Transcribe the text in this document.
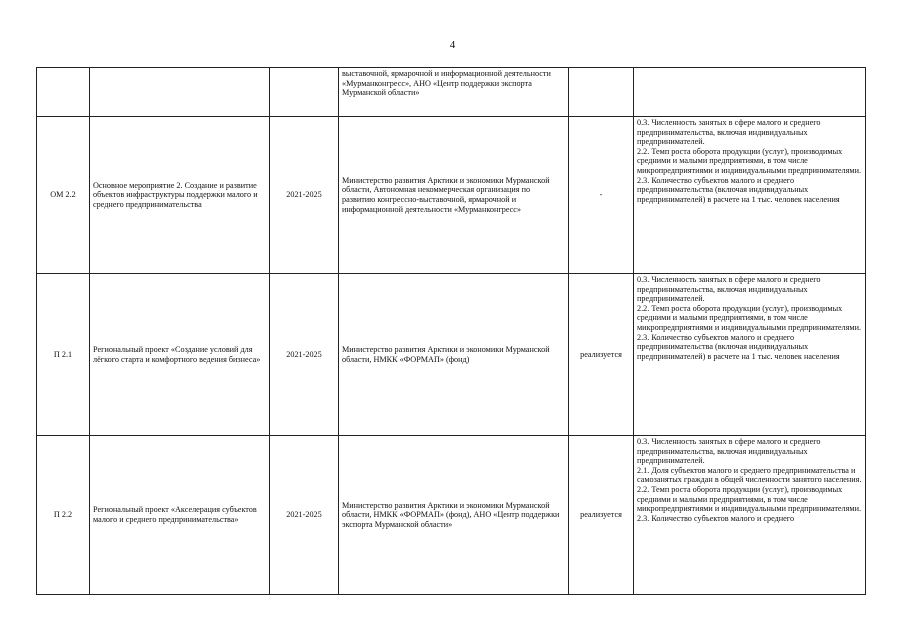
4
			выставочной, ярмарочной и информационной деятельности «Мурманконгресс», АНО «Центр поддержки экспорта Мурманской области»		
ОМ 2.2	Основное мероприятие 2. Создание и развитие объектов инфраструктуры поддержки малого и среднего предпринимательства	2021-2025	Министерство развития Арктики и экономики Мурманской области, Автономная некоммерческая организация по развитию конгрессно-выставочной, ярмарочной и информационной деятельности «Мурманконгресс»	-	0.3. Численность занятых в сфере малого и среднего предпринимательства, включая индивидуальных предпринимателей.
2.2. Темп роста оборота продукции (услуг), производимых средними и малыми предприятиями, в том числе микропредприятиями и индивидуальными предпринимателями.
2.3. Количество субъектов малого и среднего предпринимательства (включая индивидуальных предпринимателей) в расчете на 1 тыс. человек населения

П 2.1	Региональный проект «Создание условий для лёгкого старта и комфортного ведения бизнеса»	2021-2025	Министерство развития Арктики и экономики Мурманской области, НМКК «ФОРМАП» (фонд)	реализуется	0.3. Численность занятых в сфере малого и среднего предпринимательства, включая индивидуальных предпринимателей.
2.2. Темп роста оборота продукции (услуг), производимых средними и малыми предприятиями, в том числе микропредприятиями и индивидуальными предпринимателями.
2.3. Количество субъектов малого и среднего предпринимательства (включая индивидуальных предпринимателей) в расчете на 1 тыс. человек населения

П 2.2	Региональный проект «Акселерация субъектов малого и среднего предпринимательства»	2021-2025	Министерство развития Арктики и экономики Мурманской области, НМКК «ФОРМАП» (фонд), АНО «Центр поддержки экспорта Мурманской области»	реализуется	0.3. Численность занятых в сфере малого и среднего предпринимательства, включая индивидуальных предпринимателей.
2.1. Доля субъектов малого и среднего предпринимательства и самозанятых граждан в общей численности занятого населения.
2.2. Темп роста оборота продукции (услуг), производимых средними и малыми предприятиями, в том числе микропредприятиями и индивидуальными предпринимателями.
2.3. Количество субъектов малого и среднего
